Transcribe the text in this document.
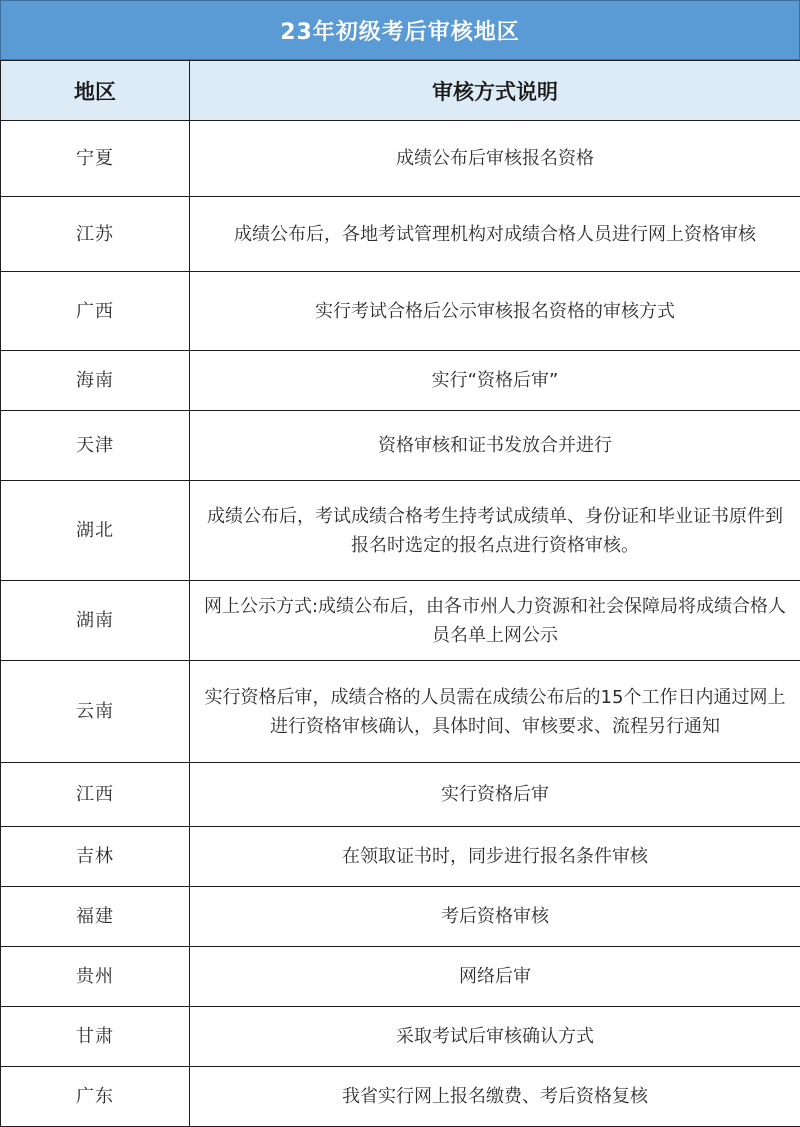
23年初级考后审核地区
地区	审核方式说明
宁夏	成绩公布后审核报名资格
江苏	成绩公布后，各地考试管理机构对成绩合格人员进行网上资格审核
广西	实行考试合格后公示审核报名资格的审核方式
海南	实行“资格后审”
天津	资格审核和证书发放合并进行
湖北	成绩公布后，考试成绩合格考生持考试成绩单、身份证和毕业证书原件到报名时选定的报名点进行资格审核。
湖南	网上公示方式:成绩公布后，由各市州人力资源和社会保障局将成绩合格人员名单上网公示
云南	实行资格后审，成绩合格的人员需在成绩公布后的15个工作日内通过网上进行资格审核确认，具体时间、审核要求、流程另行通知
江西	实行资格后审
吉林	在领取证书时，同步进行报名条件审核
福建	考后资格审核
贵州	网络后审
甘肃	采取考试后审核确认方式
广东	我省实行网上报名缴费、考后资格复核
